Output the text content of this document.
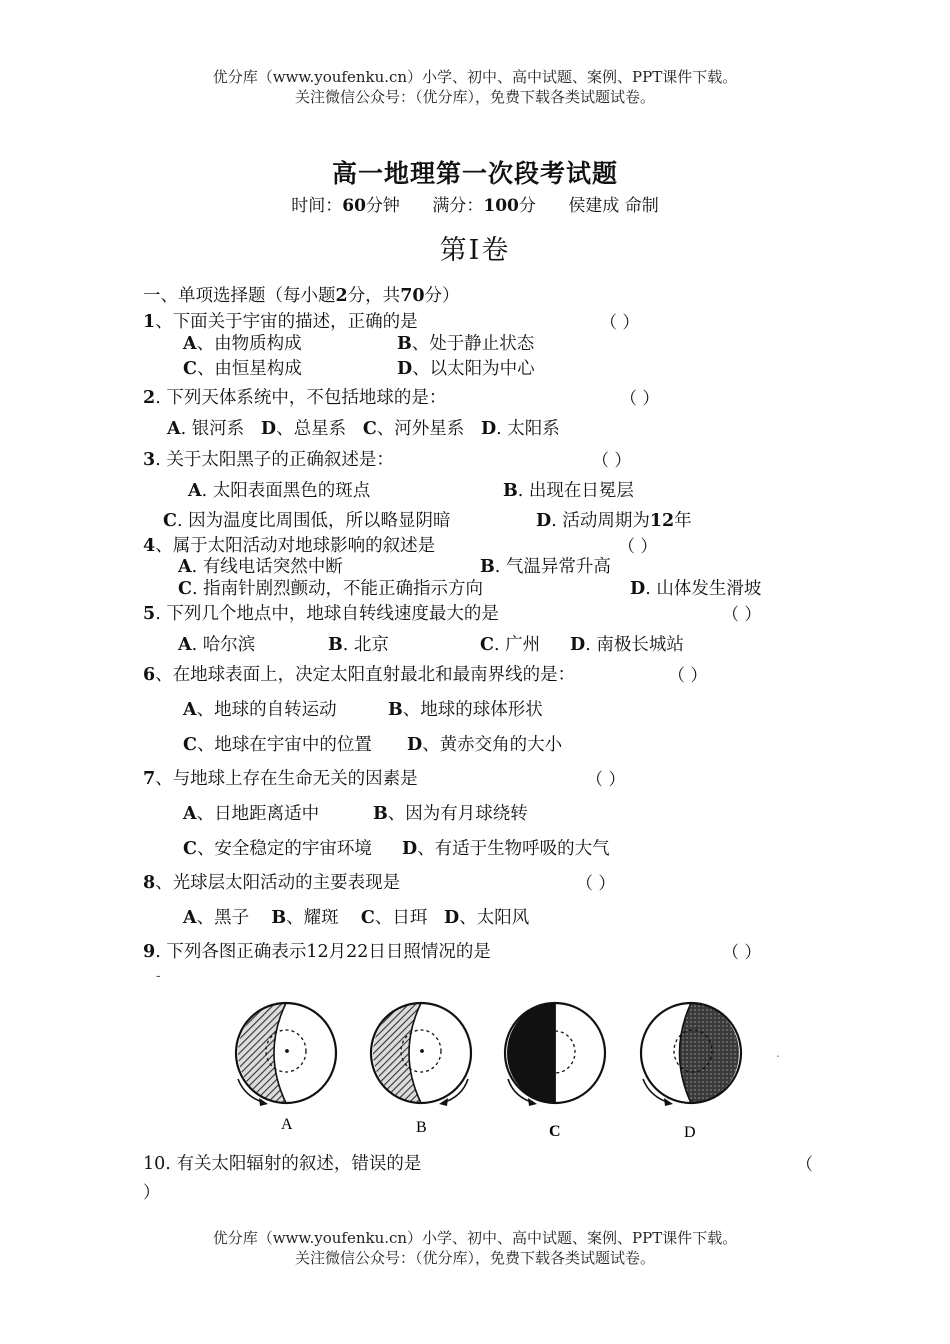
优分库（www.youfenku.cn）小学、初中、高中试题、案例、PPT课件下载。
关注微信公众号：（优分库），免费下载各类试题试卷。
高一地理第一次段考试题
时间：60分钟 满分：100分 侯建成 命制
第Ⅰ卷
一、单项选择题（每小题2分，共70分）
1、下面关于宇宙的描述，正确的是	（ ）
A、由物质构成	B、处于静止状态
C、由恒星构成	D、以太阳为中心
2. 下列天体系统中，不包括地球的是：	（ ）
A. 银河系 D、总星系 C、河外星系 D. 太阳系
3. 关于太阳黑子的正确叙述是：	（ ）
A. 太阳表面黑色的斑点	B. 出现在日冕层
C. 因为温度比周围低，所以略显阴暗	D. 活动周期为12年
4、属于太阳活动对地球影响的叙述是	（ ）
A. 有线电话突然中断	B. 气温异常升高
C. 指南针剧烈颤动，不能正确指示方向	D. 山体发生滑坡
5. 下列几个地点中，地球自转线速度最大的是	（ ）
A. 哈尔滨	B. 北京	C. 广州 D. 南极长城站
6、在地球表面上，决定太阳直射最北和最南界线的是：	（ ）
A、地球的自转运动	B、地球的球体形状
C、地球在宇宙中的位置 D、黄赤交角的大小
7、与地球上存在生命无关的因素是	（ ）
A、日地距离适中	B、因为有月球绕转
C、安全稳定的宇宙环境 D、有适于生物呼吸的大气
8、光球层太阳活动的主要表现是	（ ）
A、黑子 B、耀斑 C、日珥 D、太阳风
9. 下列各图正确表示12月22日日照情况的是	（ ）
-
.
A	B	C	D
10. 有关太阳辐射的叙述，错误的是	（
）
优分库（www.youfenku.cn）小学、初中、高中试题、案例、PPT课件下载。
关注微信公众号：（优分库），免费下载各类试题试卷。
